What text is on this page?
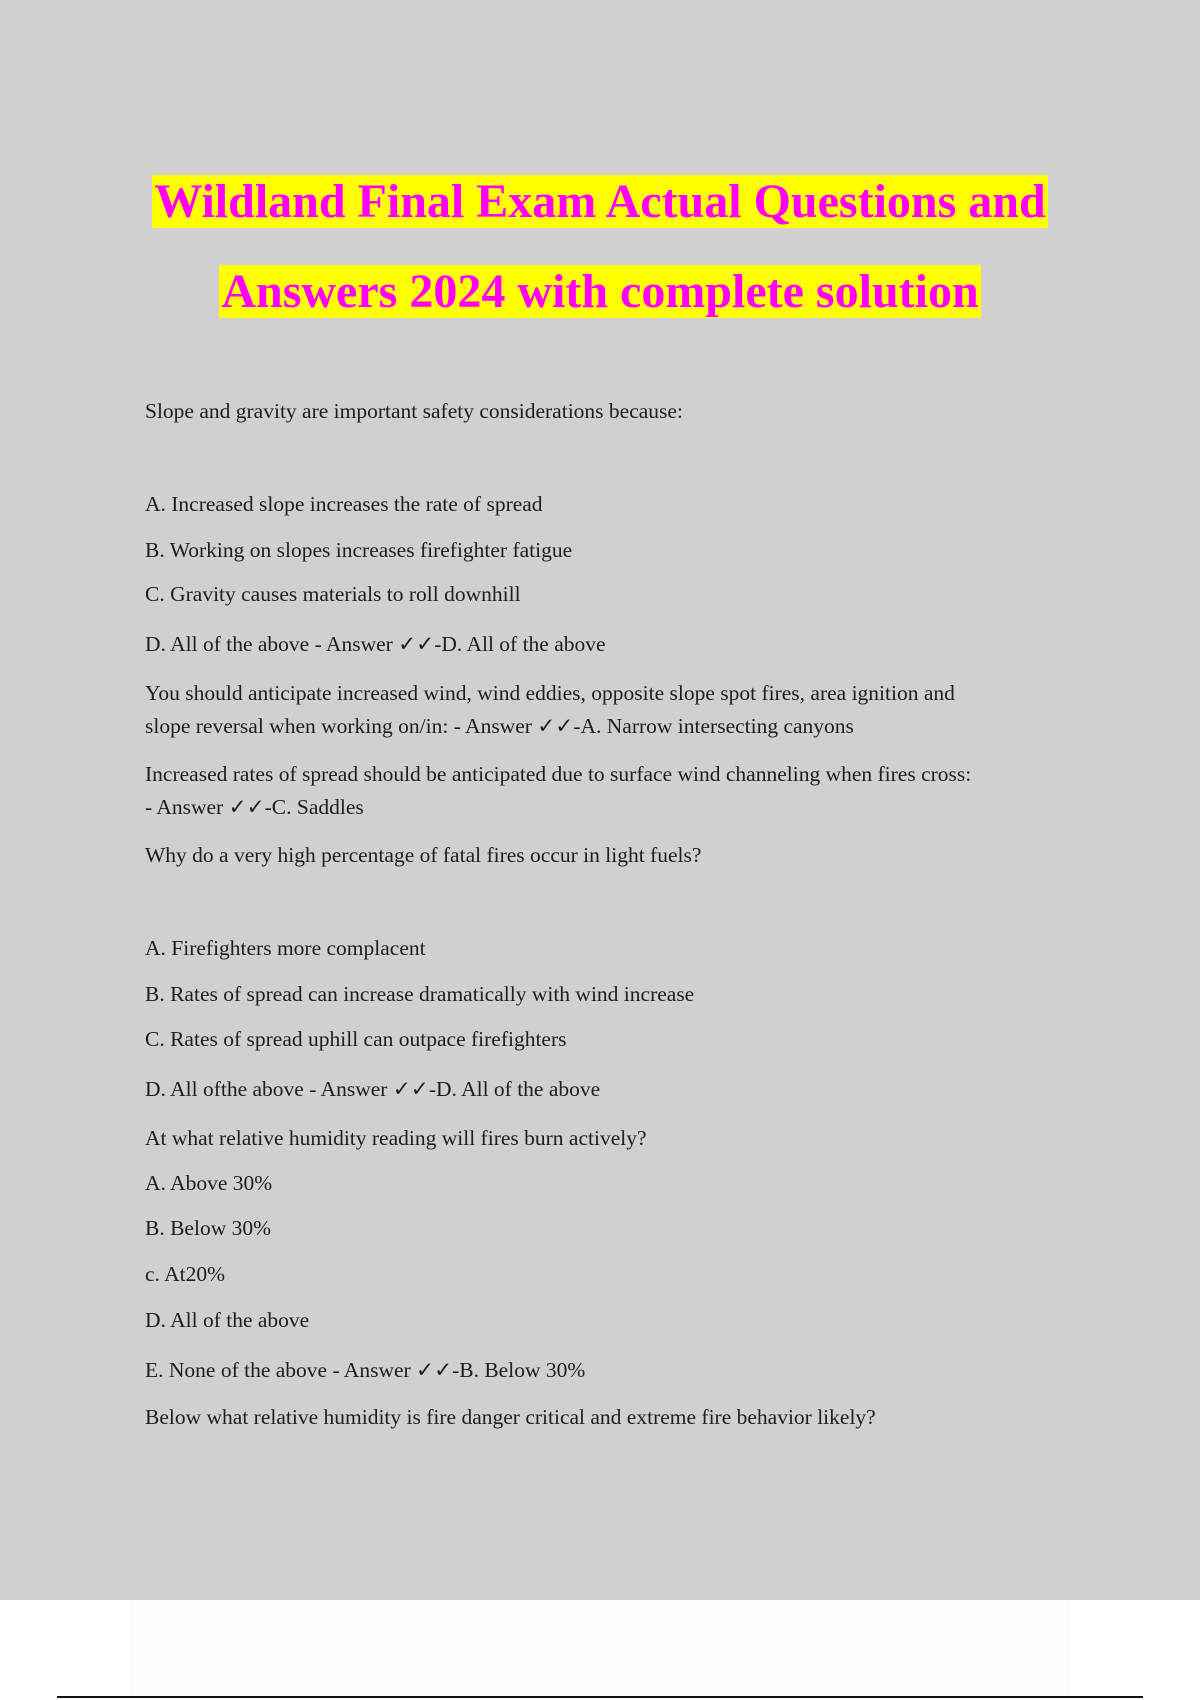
Wildland Final Exam Actual Questions and
Answers 2024 with complete solution
Slope and gravity are important safety considerations because:
A. Increased slope increases the rate of spread
B. Working on slopes increases firefighter fatigue
C. Gravity causes materials to roll downhill
D. All of the above - Answer ✓✓-D. All of the above
You should anticipate increased wind, wind eddies, opposite slope spot fires, area ignition and
slope reversal when working on/in: - Answer ✓✓-A. Narrow intersecting canyons
Increased rates of spread should be anticipated due to surface wind channeling when fires cross:
- Answer ✓✓-C. Saddles
Why do a very high percentage of fatal fires occur in light fuels?
A. Firefighters more complacent
B. Rates of spread can increase dramatically with wind increase
C. Rates of spread uphill can outpace firefighters
D. All ofthe above - Answer ✓✓-D. All of the above
At what relative humidity reading will fires burn actively?
A. Above 30%
B. Below 30%
c. At20%
D. All of the above
E. None of the above - Answer ✓✓-B. Below 30%
Below what relative humidity is fire danger critical and extreme fire behavior likely?
